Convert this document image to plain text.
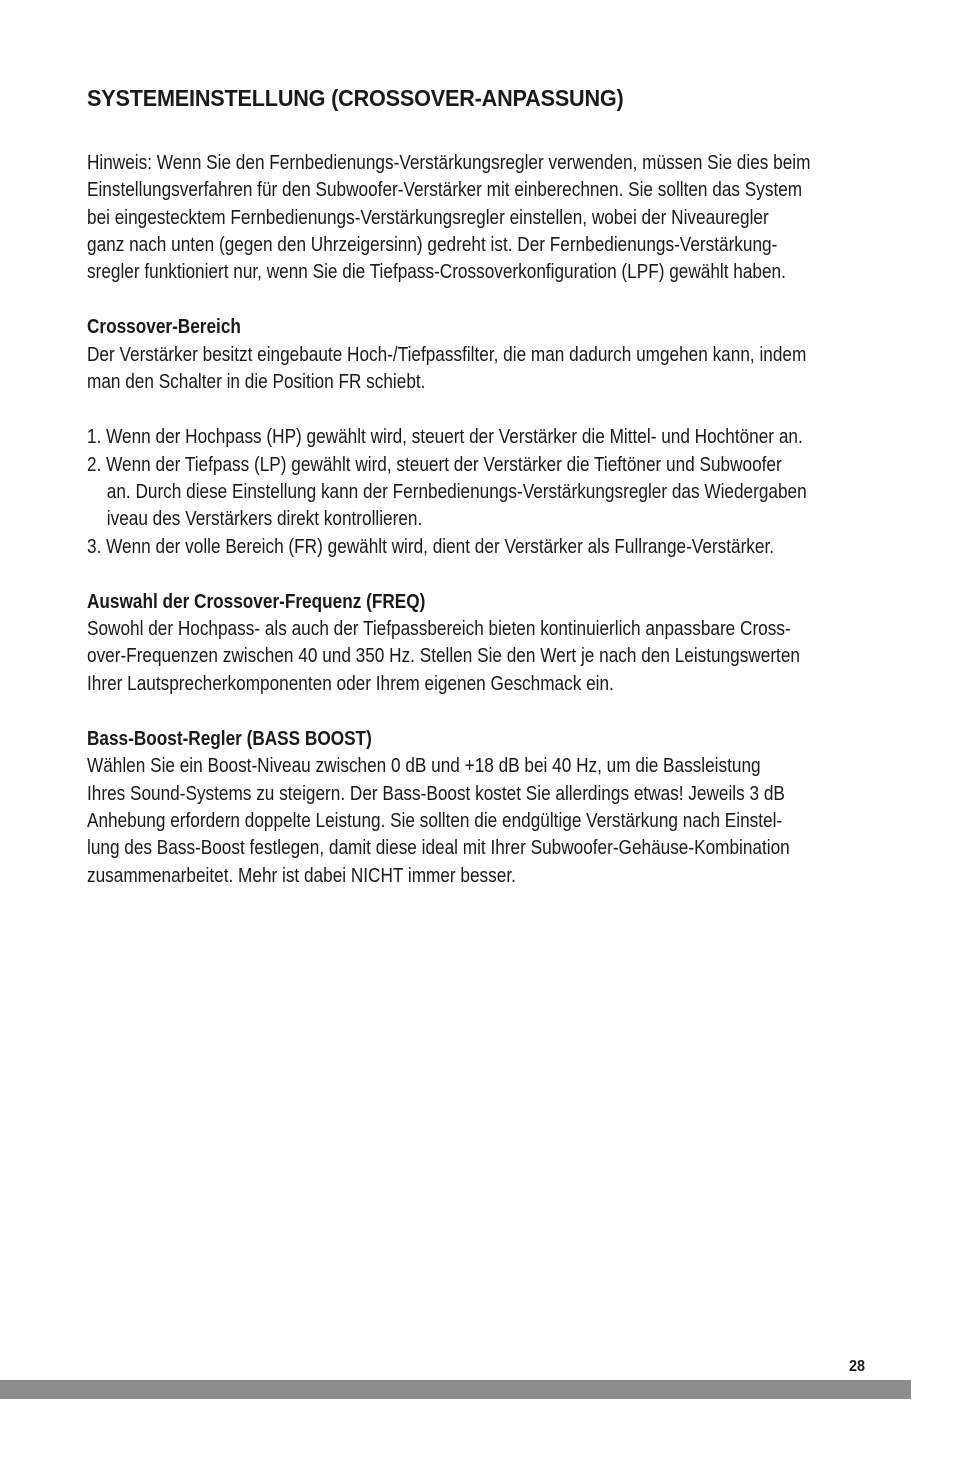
SYSTEMEINSTELLUNG (CROSSOVER-ANPASSUNG)
Hinweis: Wenn Sie den Fernbedienungs-Verstärkungsregler verwenden, müssen Sie dies beim
Einstellungsverfahren für den Subwoofer-Verstärker mit einberechnen. Sie sollten das System
bei eingestecktem Fernbedienungs-Verstärkungsregler einstellen, wobei der Niveauregler
ganz nach unten (gegen den Uhrzeigersinn) gedreht ist. Der Fernbedienungs-Verstärkung-
sregler funktioniert nur, wenn Sie die Tiefpass-Crossoverkonfiguration (LPF) gewählt haben.
Crossover-Bereich
Der Verstärker besitzt eingebaute Hoch-/Tiefpassfilter, die man dadurch umgehen kann, indem
man den Schalter in die Position FR schiebt.
1. Wenn der Hochpass (HP) gewählt wird, steuert der Verstärker die Mittel- und Hochtöner an.
2. Wenn der Tiefpass (LP) gewählt wird, steuert der Verstärker die Tieftöner und Subwoofer
an. Durch diese Einstellung kann der Fernbedienungs-Verstärkungsregler das Wiedergaben
iveau des Verstärkers direkt kontrollieren.
3. Wenn der volle Bereich (FR) gewählt wird, dient der Verstärker als Fullrange-Verstärker.
Auswahl der Crossover-Frequenz (FREQ)
Sowohl der Hochpass- als auch der Tiefpassbereich bieten kontinuierlich anpassbare Cross-
over-Frequenzen zwischen 40 und 350 Hz. Stellen Sie den Wert je nach den Leistungswerten
Ihrer Lautsprecherkomponenten oder Ihrem eigenen Geschmack ein.
Bass-Boost-Regler (BASS BOOST)
Wählen Sie ein Boost-Niveau zwischen 0 dB und +18 dB bei 40 Hz, um die Bassleistung
Ihres Sound-Systems zu steigern. Der Bass-Boost kostet Sie allerdings etwas! Jeweils 3 dB
Anhebung erfordern doppelte Leistung. Sie sollten die endgültige Verstärkung nach Einstel-
lung des Bass-Boost festlegen, damit diese ideal mit Ihrer Subwoofer-Gehäuse-Kombination
zusammenarbeitet. Mehr ist dabei NICHT immer besser.
28
